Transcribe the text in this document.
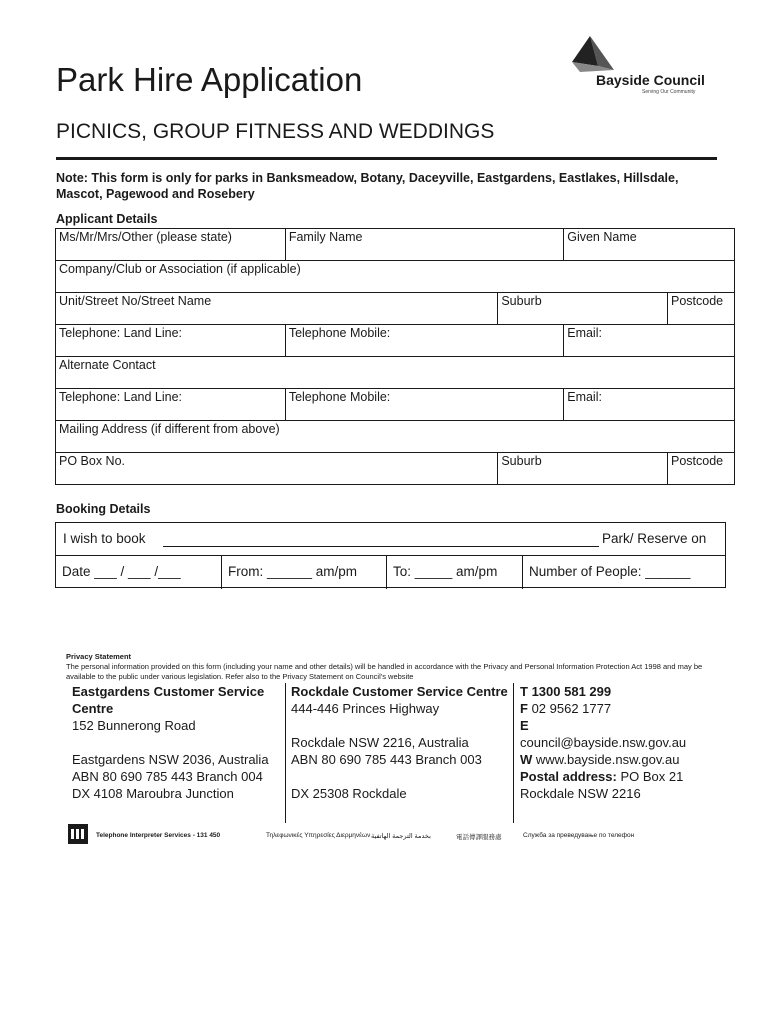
Park Hire Application
PICNICS, GROUP FITNESS AND WEDDINGS
Bayside Council
Serving Our Community
Note: This form is only for parks in Banksmeadow, Botany, Daceyville, Eastgardens, Eastlakes, Hillsdale, Mascot, Pagewood and Rosebery
Applicant Details
Ms/Mr/Mrs/Other (please state)	Family Name		Given Name	

Company/Club or Association (if applicable)				

Unit/Street No/Street Name		Suburb		Postcode

Telephone: Land Line:	Telephone Mobile:		Email:	

Alternate Contact				

Telephone: Land Line:	Telephone Mobile:		Email:	

Mailing Address (if different from above)				

PO Box No.		Suburb		Postcode
Booking Details
I wish to book	Park/ Reserve on
Date ___ / ___ /___	From: ______ am/pm	To: _____ am/pm Number of People: ______
Privacy Statement
The personal information provided on this form (including your name and other details) will be handled in accordance with the Privacy and Personal Information Protection Act 1998 and may be available to the public under various legislation. Refer also to the Privacy Statement on Council's website
Eastgardens Customer Service Centre
152 Bunnerong Road
Eastgardens NSW 2036, Australia
ABN 80 690 785 443 Branch 004
DX 4108 Maroubra Junction
Rockdale Customer Service Centre
444-446 Princes Highway
Rockdale NSW 2216, Australia
ABN 80 690 785 443 Branch 003
DX 25308 Rockdale
T 1300 581 299
F 02 9562 1777
E
council@bayside.nsw.gov.au
W www.bayside.nsw.gov.au
Postal address: PO Box 21
Rockdale NSW 2216
Telephone Interpreter Services - 131 450	Τηλεφωνικές Υπηρεσίες Διερμηνέων بخدمة الترجمة الهاتفية	電話傳譯服務處	Служба за преведување по телефон
